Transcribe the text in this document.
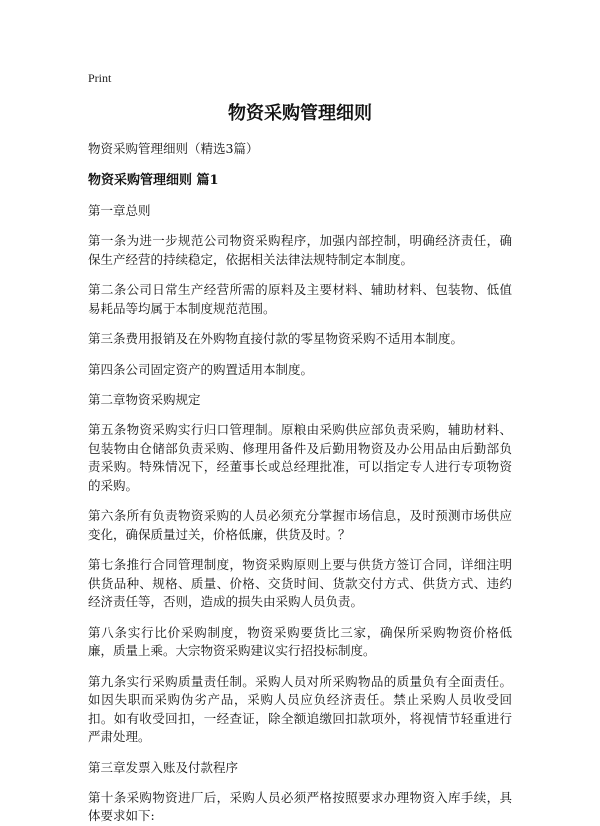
Print
物资采购管理细则
物资采购管理细则（精选3篇）
物资采购管理细则 篇1
第一章总则
第一条为进一步规范公司物资采购程序，加强内部控制，明确经济责任，确保生产经营的持续稳定，依据相关法律法规特制定本制度。
第二条公司日常生产经营所需的原料及主要材料、辅助材料、包装物、低值易耗品等均属于本制度规范范围。
第三条费用报销及在外购物直接付款的零星物资采购不适用本制度。
第四条公司固定资产的购置适用本制度。
第二章物资采购规定
第五条物资采购实行归口管理制。原粮由采购供应部负责采购，辅助材料、包装物由仓储部负责采购、修理用备件及后勤用物资及办公用品由后勤部负责采购。特殊情况下，经董事长或总经理批准，可以指定专人进行专项物资的采购。
第六条所有负责物资采购的人员必须充分掌握市场信息，及时预测市场供应变化，确保质量过关，价格低廉，供货及时。？
第七条推行合同管理制度，物资采购原则上要与供货方签订合同，详细注明供货品种、规格、质量、价格、交货时间、货款交付方式、供货方式、违约经济责任等，否则，造成的损失由采购人员负责。
第八条实行比价采购制度，物资采购要货比三家，确保所采购物资价格低廉，质量上乘。大宗物资采购建议实行招投标制度。
第九条实行采购质量责任制。采购人员对所采购物品的质量负有全面责任。如因失职而采购伪劣产品，采购人员应负经济责任。禁止采购人员收受回扣。如有收受回扣，一经查证，除全额追缴回扣款项外，将视情节轻重进行严肃处理。
第三章发票入账及付款程序
第十条采购物资进厂后，采购人员必须严格按照要求办理物资入库手续，具体要求如下:
